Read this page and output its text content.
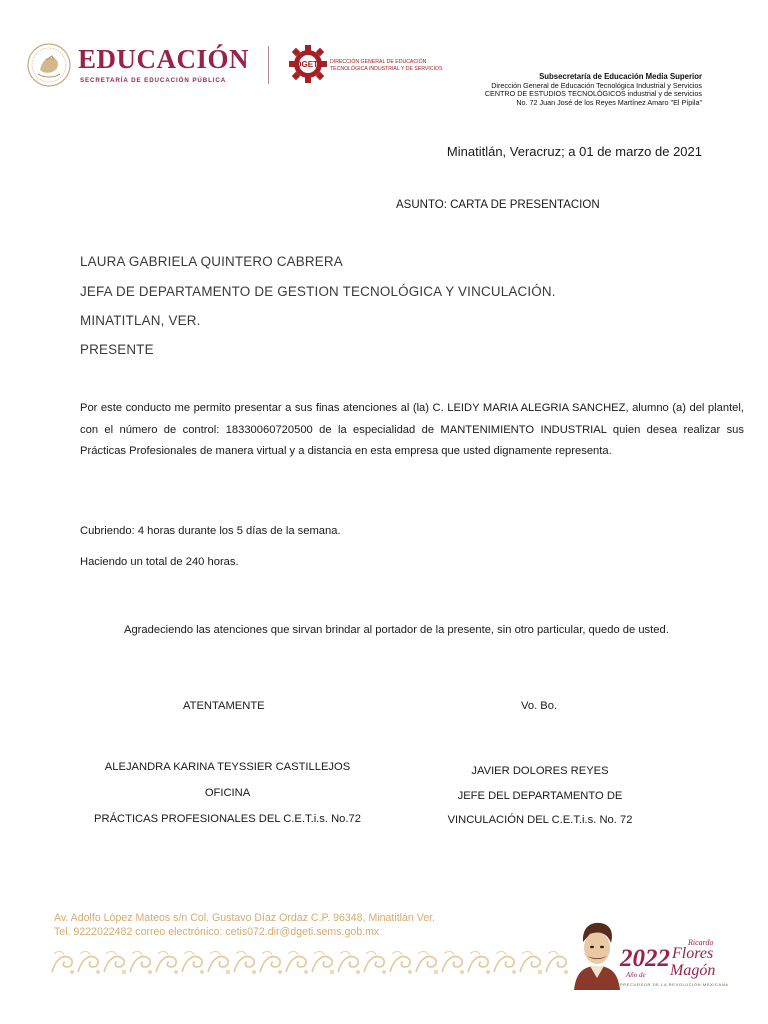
EDUCACIÓN
SECRETARÍA DE EDUCACIÓN PÚBLICA
DGETI DIRECCIÓN GENERAL DE EDUCACIÓN
TECNOLÓGICA INDUSTRIAL Y DE SERVICIOS
Subsecretaría de Educación Media Superior
Dirección General de Educación Tecnológica Industrial y Servicios
CENTRO DE ESTUDIOS TECNOLÓGICOS industrial y de servicios
No. 72 Juan José de los Reyes Martínez Amaro "El Pípila"
Minatitlán, Veracruz; a 01 de marzo de 2021
ASUNTO: CARTA DE PRESENTACION
LAURA GABRIELA QUINTERO CABRERA
JEFA DE DEPARTAMENTO DE GESTION TECNOLÓGICA Y VINCULACIÓN.
MINATITLAN, VER.
PRESENTE
Por este conducto me permito presentar a sus finas atenciones al (la) C. LEIDY MARIA ALEGRIA SANCHEZ, alumno (a) del plantel, con el número de control: 18330060720500 de la especialidad de MANTENIMIENTO INDUSTRIAL quien desea realizar sus Prácticas Profesionales de manera virtual y a distancia en esta empresa que usted dignamente representa.
Cubriendo: 4 horas durante los 5 días de la semana.
Haciendo un total de 240 horas.
Agradeciendo las atenciones que sirvan brindar al portador de la presente, sin otro particular, quedo de usted.
ATENTAMENTE	Vo. Bo.
ALEJANDRA KARINA TEYSSIER CASTILLEJOS
OFICINA
PRÁCTICAS PROFESIONALES DEL C.E.T.i.s. No.72
JAVIER DOLORES REYES
JEFE DEL DEPARTAMENTO DE
VINCULACIÓN DEL C.E.T.i.s. No. 72
Av. Adolfo López Mateos s/n Col. Gustavo Díaz Ordaz C.P. 96348, Minatitlán Ver.
Tel. 9222022482 correo electrónico: cetis072.dir@dgeti.sems.gob.mx
2022
Año de
Ricardo
Flores
Magón
PRECURSOR DE LA REVOLUCIÓN MEXICANA
